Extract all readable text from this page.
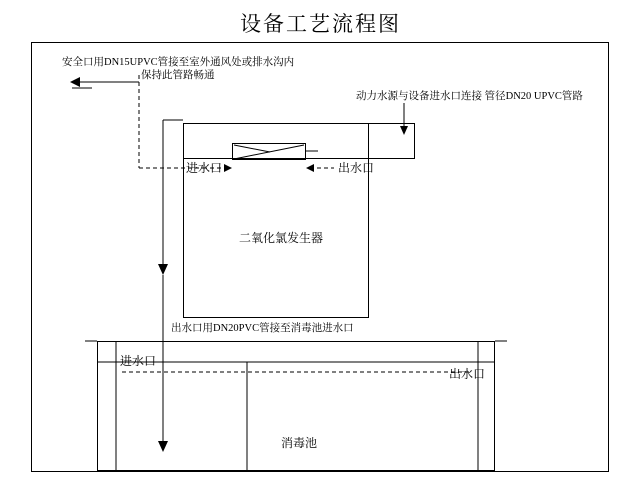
设备工艺流程图
安全口用DN15UPVC管接至室外通风处或排水沟内
保持此管路畅通
动力水源与设备进水口连接 管径DN20 UPVC管路
进水口	出水口
二氧化氯发生器
出水口用DN20PVC管接至消毒池进水口
进水口
出水口
消毒池
